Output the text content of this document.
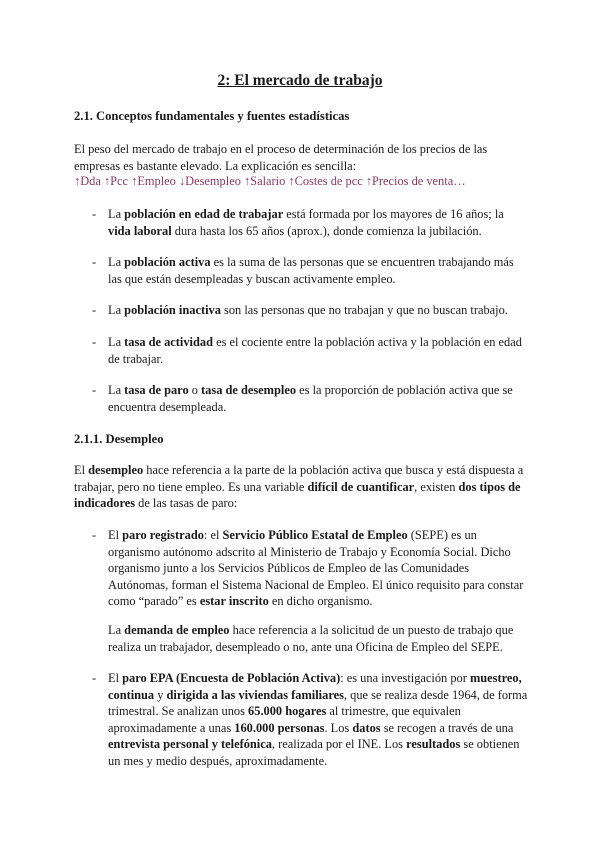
2: El mercado de trabajo
2.1. Conceptos fundamentales y fuentes estadísticas
El peso del mercado de trabajo en el proceso de determinación de los precios de las empresas es bastante elevado. La explicación es sencilla:
↑Dda ↑Pcc ↑Empleo ↓Desempleo ↑Salario ↑Costes de pcc ↑Precios de venta…
- La población en edad de trabajar está formada por los mayores de 16 años; la vida laboral dura hasta los 65 años (aprox.), donde comienza la jubilación.
- La población activa es la suma de las personas que se encuentren trabajando más las que están desempleadas y buscan activamente empleo.
- La población inactiva son las personas que no trabajan y que no buscan trabajo.
- La tasa de actividad es el cociente entre la población activa y la población en edad de trabajar.
- La tasa de paro o tasa de desempleo es la proporción de población activa que se encuentra desempleada.
2.1.1. Desempleo
El desempleo hace referencia a la parte de la población activa que busca y está dispuesta a trabajar, pero no tiene empleo. Es una variable difícil de cuantificar, existen dos tipos de indicadores de las tasas de paro:
- El paro registrado: el Servicio Público Estatal de Empleo (SEPE) es un organismo autónomo adscrito al Ministerio de Trabajo y Economía Social. Dicho organismo junto a los Servicios Públicos de Empleo de las Comunidades Autónomas, forman el Sistema Nacional de Empleo. El único requisito para constar como “parado” es estar inscrito en dicho organismo.
La demanda de empleo hace referencia a la solicitud de un puesto de trabajo que realiza un trabajador, desempleado o no, ante una Oficina de Empleo del SEPE.
- El paro EPA (Encuesta de Población Activa): es una investigación por muestreo, continua y dirigida a las viviendas familiares, que se realiza desde 1964, de forma trimestral. Se analizan unos 65.000 hogares al trimestre, que equivalen aproximadamente a unas 160.000 personas. Los datos se recogen a través de una entrevista personal y telefónica, realizada por el INE. Los resultados se obtienen un mes y medio después, aproximadamente.
